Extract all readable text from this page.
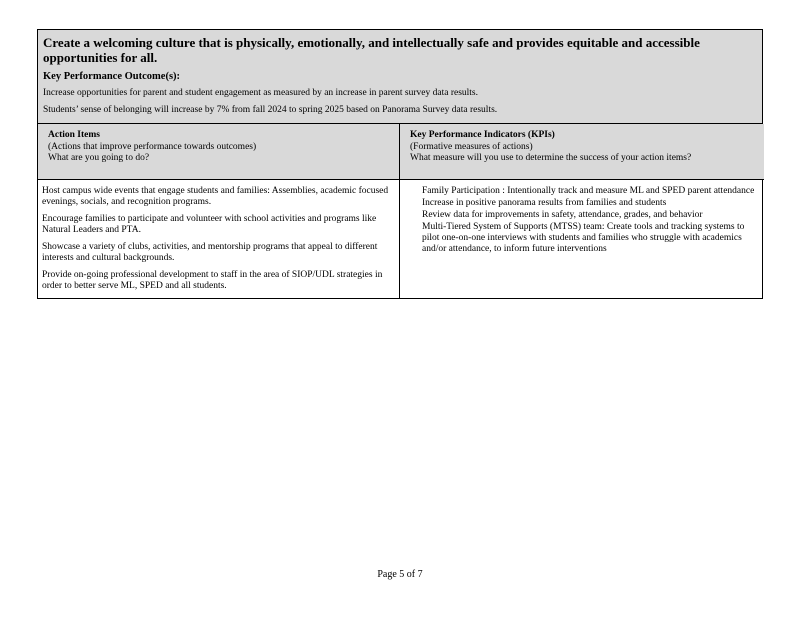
Create a welcoming culture that is physically, emotionally, and intellectually safe and provides equitable and accessible opportunities for all.

Key Performance Outcome(s):
Increase opportunities for parent and student engagement as measured by an increase in parent survey data results.
Students’ sense of belonging will increase by 7% from fall 2024 to spring 2025 based on Panorama Survey data results.
Action Items
(Actions that improve performance towards outcomes)
What are you going to do?
Key Performance Indicators (KPIs)
(Formative measures of actions)
What measure will you use to determine the success of your action items?

Host campus wide events that engage students and families: Assemblies, academic focused evenings, socials, and recognition programs.

Encourage families to participate and volunteer with school activities and programs like Natural Leaders and PTA.

Showcase a variety of clubs, activities, and mentorship programs that appeal to different interests and cultural backgrounds.

Provide on-going professional development to staff in the area of SIOP/UDL strategies in order to better serve ML, SPED and all students.

Family Participation : Intentionally track and measure ML and SPED parent attendance
Increase in positive panorama results from families and students
Review data for improvements in safety, attendance, grades, and behavior
Multi-Tiered System of Supports (MTSS) team: Create tools and tracking systems to pilot one-on-one interviews with students and families who struggle with academics and/or attendance, to inform future interventions
Page 5 of 7
